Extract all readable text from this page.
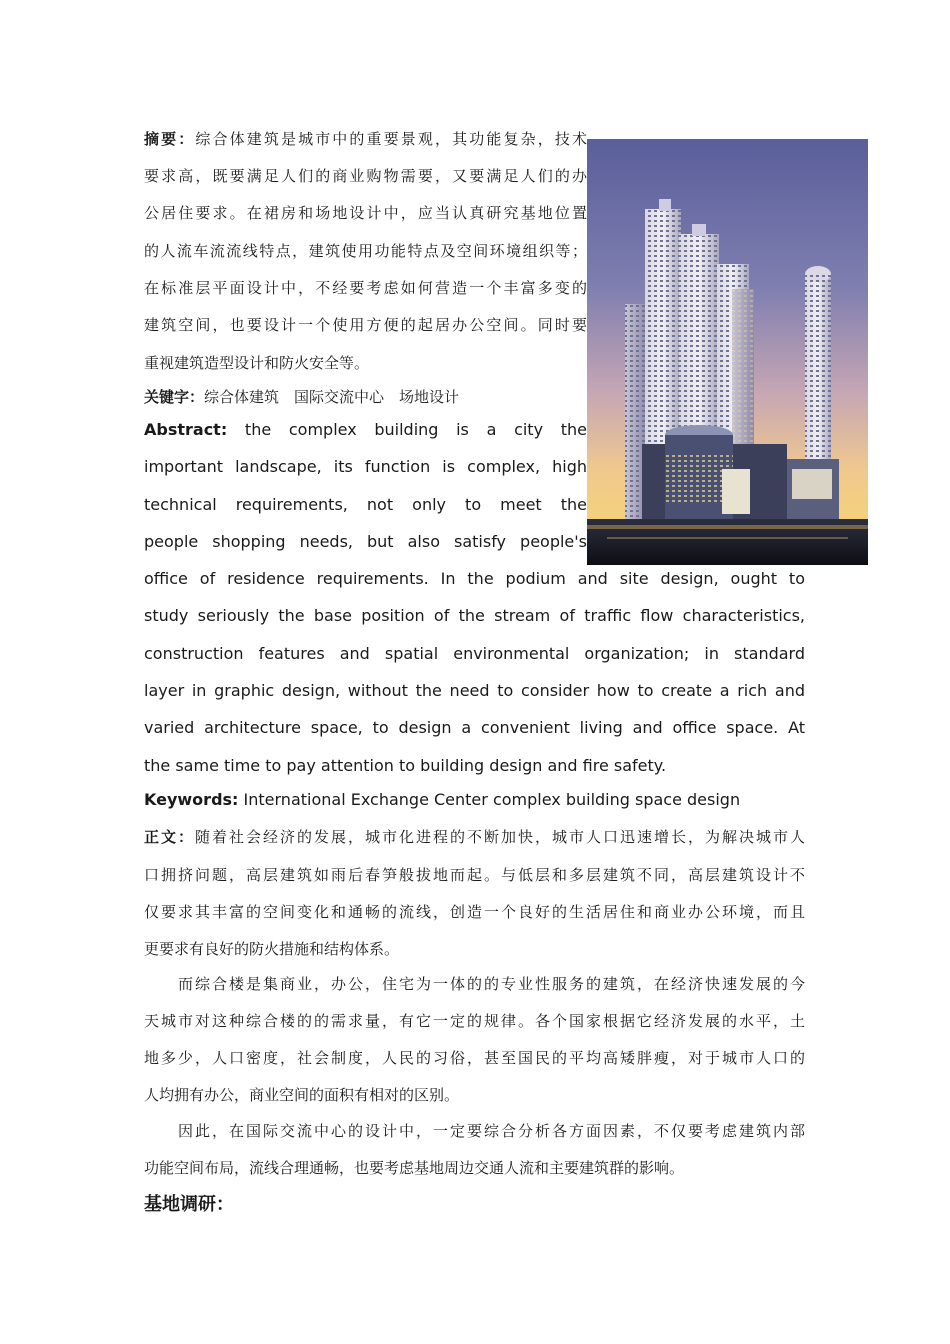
摘要：综合体建筑是城市中的重要景观，其功能复杂，技术
要求高，既要满足人们的商业购物需要，又要满足人们的办
公居住要求。在裙房和场地设计中，应当认真研究基地位置
的人流车流流线特点，建筑使用功能特点及空间环境组织等；
在标准层平面设计中，不经要考虑如何营造一个丰富多变的
建筑空间，也要设计一个使用方便的起居办公空间。同时要
重视建筑造型设计和防火安全等。
关键字：综合体建筑　国际交流中心　场地设计
Abstract: the complex building is a city the
important landscape, its function is complex, high
technical requirements, not only to meet the
people shopping needs, but also satisfy people's
office of residence requirements. In the podium and site design, ought to
study seriously the base position of the stream of traffic flow characteristics,
construction features and spatial environmental organization; in standard
layer in graphic design, without the need to consider how to create a rich and
varied architecture space, to design a convenient living and office space. At
the same time to pay attention to building design and fire safety.
Keywords: International Exchange Center complex building space design
正文：随着社会经济的发展，城市化进程的不断加快，城市人口迅速增长，为解决城市人
口拥挤问题，高层建筑如雨后春笋般拔地而起。与低层和多层建筑不同，高层建筑设计不
仅要求其丰富的空间变化和通畅的流线，创造一个良好的生活居住和商业办公环境，而且
更要求有良好的防火措施和结构体系。
而综合楼是集商业，办公，住宅为一体的的专业性服务的建筑，在经济快速发展的今
天城市对这种综合楼的的需求量，有它一定的规律。各个国家根据它经济发展的水平，土
地多少，人口密度，社会制度，人民的习俗，甚至国民的平均高矮胖瘦，对于城市人口的
人均拥有办公，商业空间的面积有相对的区别。
因此，在国际交流中心的设计中，一定要综合分析各方面因素，不仅要考虑建筑内部
功能空间布局，流线合理通畅，也要考虑基地周边交通人流和主要建筑群的影响。
基地调研：
